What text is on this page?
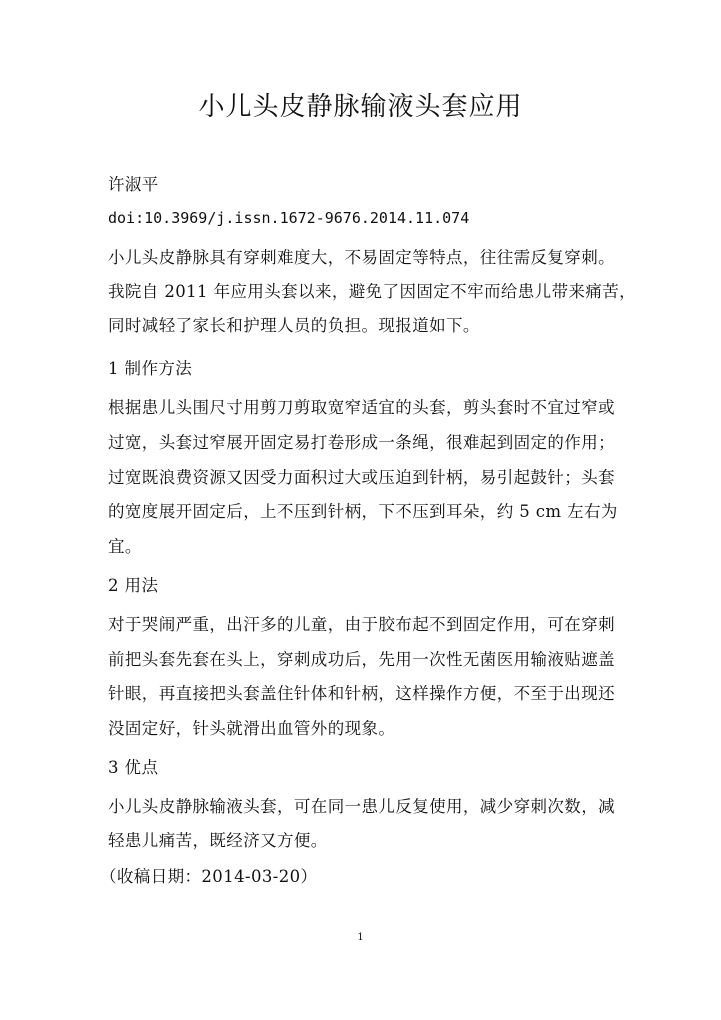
小儿头皮静脉输液头套应用
许淑平
doi:10.3969/j.issn.1672-9676.2014.11.074
小儿头皮静脉具有穿刺难度大，不易固定等特点，往往需反复穿刺。
我院自 2011 年应用头套以来，避免了因固定不牢而给患儿带来痛苦，
同时减轻了家长和护理人员的负担。现报道如下。
1 制作方法
根据患儿头围尺寸用剪刀剪取宽窄适宜的头套，剪头套时不宜过窄或
过宽，头套过窄展开固定易打卷形成一条绳，很难起到固定的作用；
过宽既浪费资源又因受力面积过大或压迫到针柄，易引起鼓针；头套
的宽度展开固定后，上不压到针柄，下不压到耳朵，约 5 cm 左右为
宜。
2 用法
对于哭闹严重，出汗多的儿童，由于胶布起不到固定作用，可在穿刺
前把头套先套在头上，穿刺成功后，先用一次性无菌医用输液贴遮盖
针眼，再直接把头套盖住针体和针柄，这样操作方便，不至于出现还
没固定好，针头就滑出血管外的现象。
3 优点
小儿头皮静脉输液头套，可在同一患儿反复使用，减少穿刺次数，减
轻患儿痛苦，既经济又方便。
（收稿日期：2014-03-20）
1
